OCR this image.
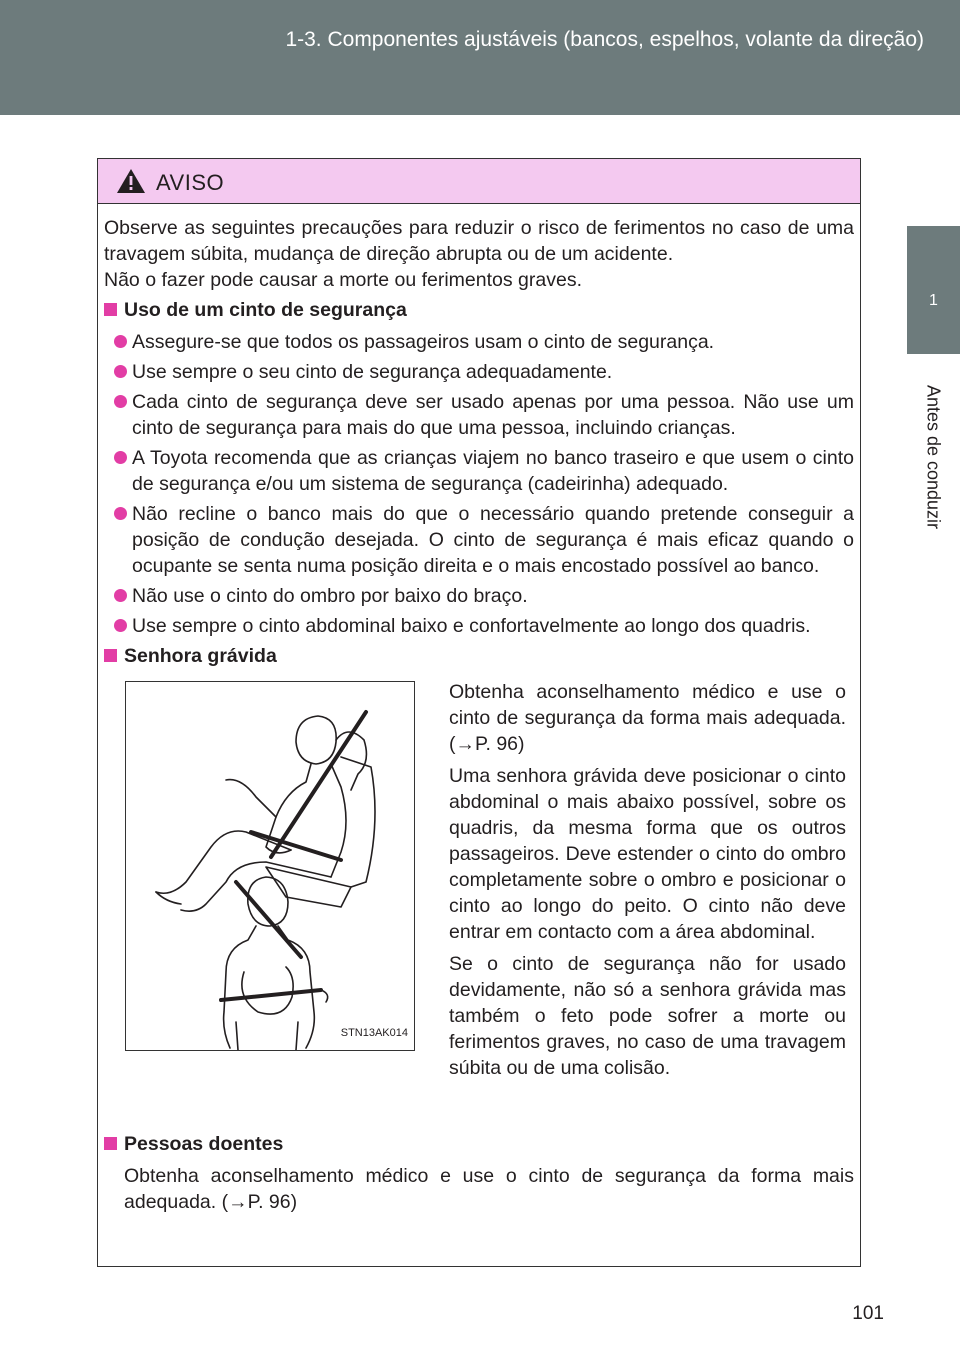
1-3. Componentes ajustáveis (bancos, espelhos, volante da direção)
1
Antes de conduzir
AVISO
Observe as seguintes precauções para reduzir o risco de ferimentos no caso de uma travagem súbita, mudança de direção abrupta ou de um acidente.
Não o fazer pode causar a morte ou ferimentos graves.
Uso de um cinto de segurança
Assegure-se que todos os passageiros usam o cinto de segurança.
Use sempre o seu cinto de segurança adequadamente.
Cada cinto de segurança deve ser usado apenas por uma pessoa. Não use um cinto de segurança para mais do que uma pessoa, incluindo crianças.
A Toyota recomenda que as crianças viajem no banco traseiro e que usem o cinto de segurança e/ou um sistema de segurança (cadeirinha) adequado.
Não recline o banco mais do que o necessário quando pretende conseguir a posição de condução desejada. O cinto de segurança é mais eficaz quando o ocupante se senta numa posição direita e o mais encostado possível ao banco.
Não use o cinto do ombro por baixo do braço.
Use sempre o cinto abdominal baixo e confortavelmente ao longo dos quadris.
Senhora grávida
STN13AK014

Obtenha aconselhamento médico e use o cinto de segurança da forma mais adequada. (→P. 96)

Uma senhora grávida deve posicionar o cinto abdominal o mais abaixo possível, sobre os quadris, da mesma forma que os outros passageiros. Deve estender o cinto do ombro completamente sobre o ombro e posicionar o cinto ao longo do peito. O cinto não deve entrar em contacto com a área abdominal.

Se o cinto de segurança não for usado devidamente, não só a senhora grávida mas também o feto pode sofrer a morte ou ferimentos graves, no caso de uma travagem súbita ou de uma colisão.

Pessoas doentes
Obtenha aconselhamento médico e use o cinto de segurança da forma mais adequada. (→P. 96)
101
